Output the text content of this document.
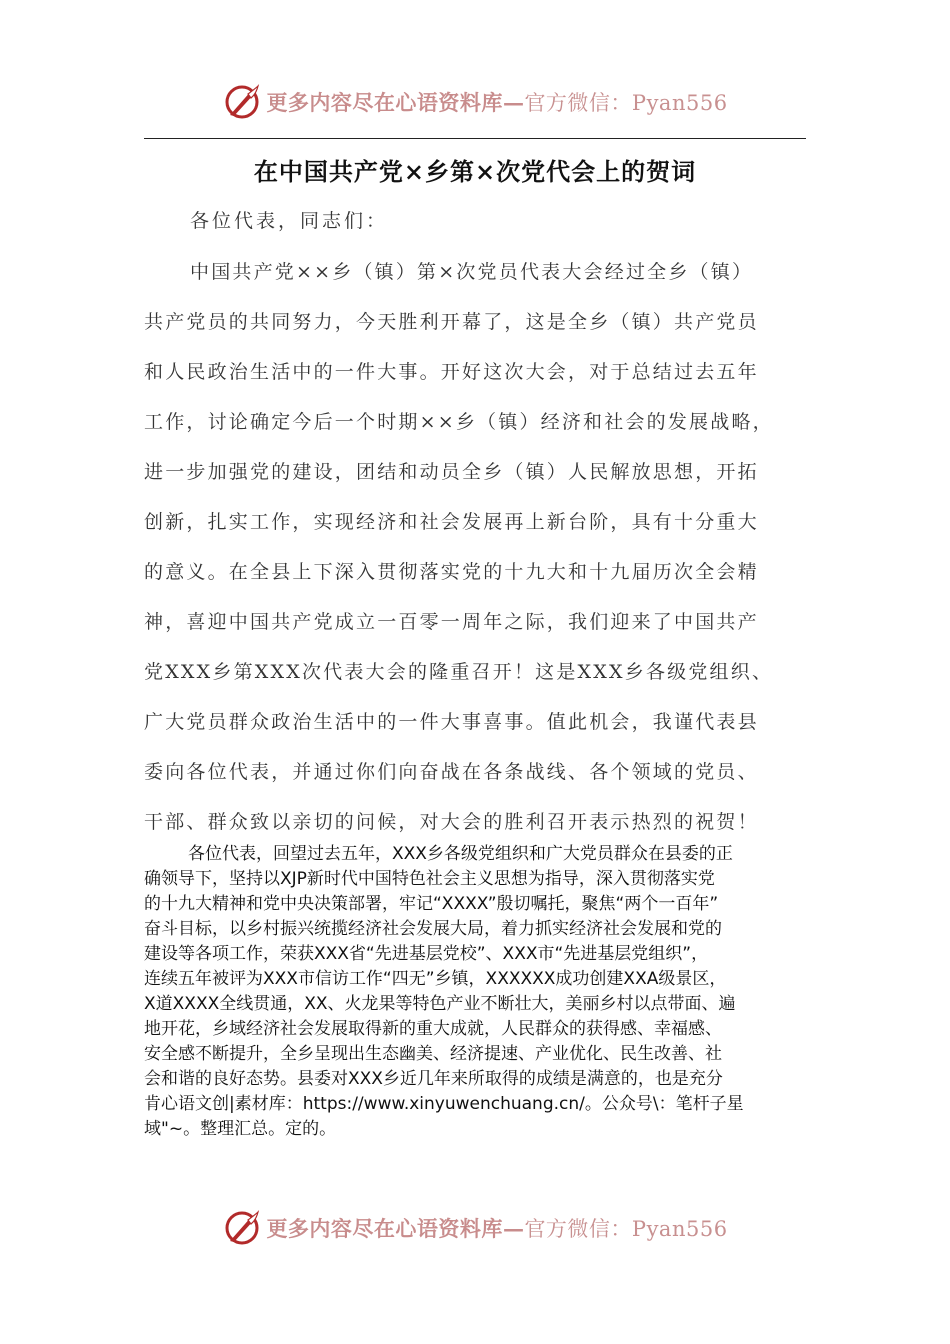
更多内容尽在心语资料库—官方微信：Pyan556
在中国共产党×乡第×次党代会上的贺词
各位代表，同志们：
中国共产党××乡（镇）第×次党员代表大会经过全乡（镇）
共产党员的共同努力，今天胜利开幕了，这是全乡（镇）共产党员
和人民政治生活中的一件大事。开好这次大会，对于总结过去五年
工作，讨论确定今后一个时期××乡（镇）经济和社会的发展战略，
进一步加强党的建设，团结和动员全乡（镇）人民解放思想，开拓
创新，扎实工作，实现经济和社会发展再上新台阶，具有十分重大
的意义。在全县上下深入贯彻落实党的十九大和十九届历次全会精
神，喜迎中国共产党成立一百零一周年之际，我们迎来了中国共产
党XXX乡第XXX次代表大会的隆重召开！这是XXX乡各级党组织、
广大党员群众政治生活中的一件大事喜事。值此机会，我谨代表县
委向各位代表，并通过你们向奋战在各条战线、各个领域的党员、
干部、群众致以亲切的问候，对大会的胜利召开表示热烈的祝贺！
各位代表，回望过去五年，XXX乡各级党组织和广大党员群众在县委的正
确领导下，坚持以XJP新时代中国特色社会主义思想为指导，深入贯彻落实党
的十九大精神和党中央决策部署，牢记“XXXX”殷切嘱托，聚焦“两个一百年”
奋斗目标，以乡村振兴统揽经济社会发展大局，着力抓实经济社会发展和党的
建设等各项工作，荣获XXX省“先进基层党校”、XXX市“先进基层党组织”，
连续五年被评为XXX市信访工作“四无”乡镇，XXXXXX成功创建XXA级景区，
X道XXXX全线贯通，XX、火龙果等特色产业不断壮大，美丽乡村以点带面、遍
地开花，乡域经济社会发展取得新的重大成就，人民群众的获得感、幸福感、
安全感不断提升，全乡呈现出生态幽美、经济提速、产业优化、民生改善、社
会和谐的良好态势。县委对XXX乡近几年来所取得的成绩是满意的，也是充分
肯心语文创|素材库：https://www.xinyuwenchuang.cn/。公众号\：笔杆子星
域"~。整理汇总。定的。
更多内容尽在心语资料库—官方微信：Pyan556
